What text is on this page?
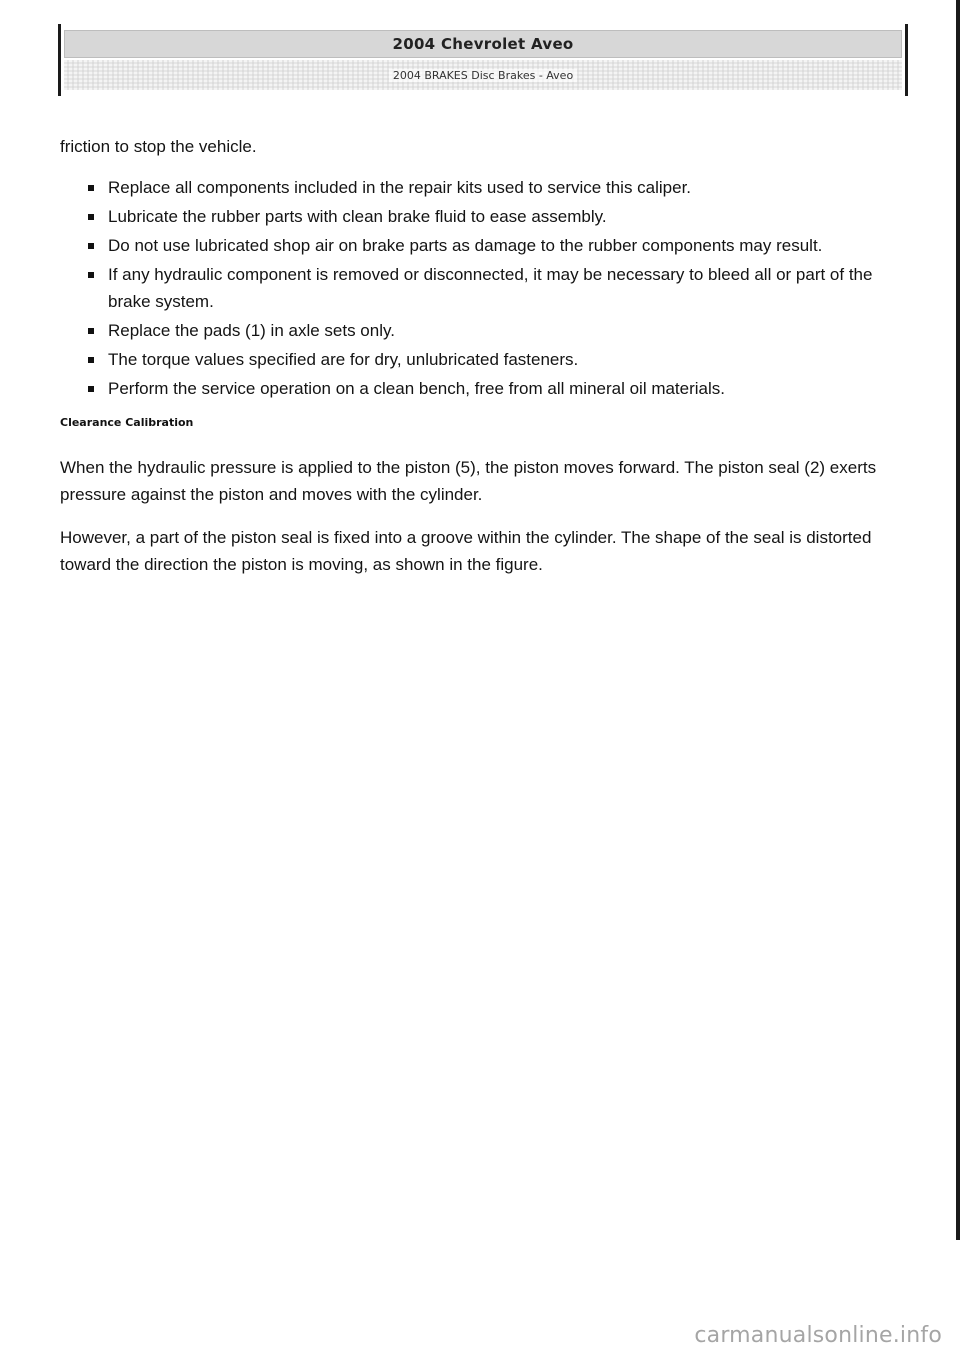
2004 Chevrolet Aveo
2004 BRAKES Disc Brakes - Aveo

friction to stop the vehicle.

Replace all components included in the repair kits used to service this caliper.
Lubricate the rubber parts with clean brake fluid to ease assembly.
Do not use lubricated shop air on brake parts as damage to the rubber components may result.
If any hydraulic component is removed or disconnected, it may be necessary to bleed all or part of the brake system.
Replace the pads (1) in axle sets only.
The torque values specified are for dry, unlubricated fasteners.
Perform the service operation on a clean bench, free from all mineral oil materials.
Clearance Calibration

When the hydraulic pressure is applied to the piston (5), the piston moves forward. The piston seal (2) exerts pressure against the piston and moves with the cylinder.

However, a part of the piston seal is fixed into a groove within the cylinder. The shape of the seal is distorted toward the direction the piston is moving, as shown in the figure.

carmanualsonline.info
